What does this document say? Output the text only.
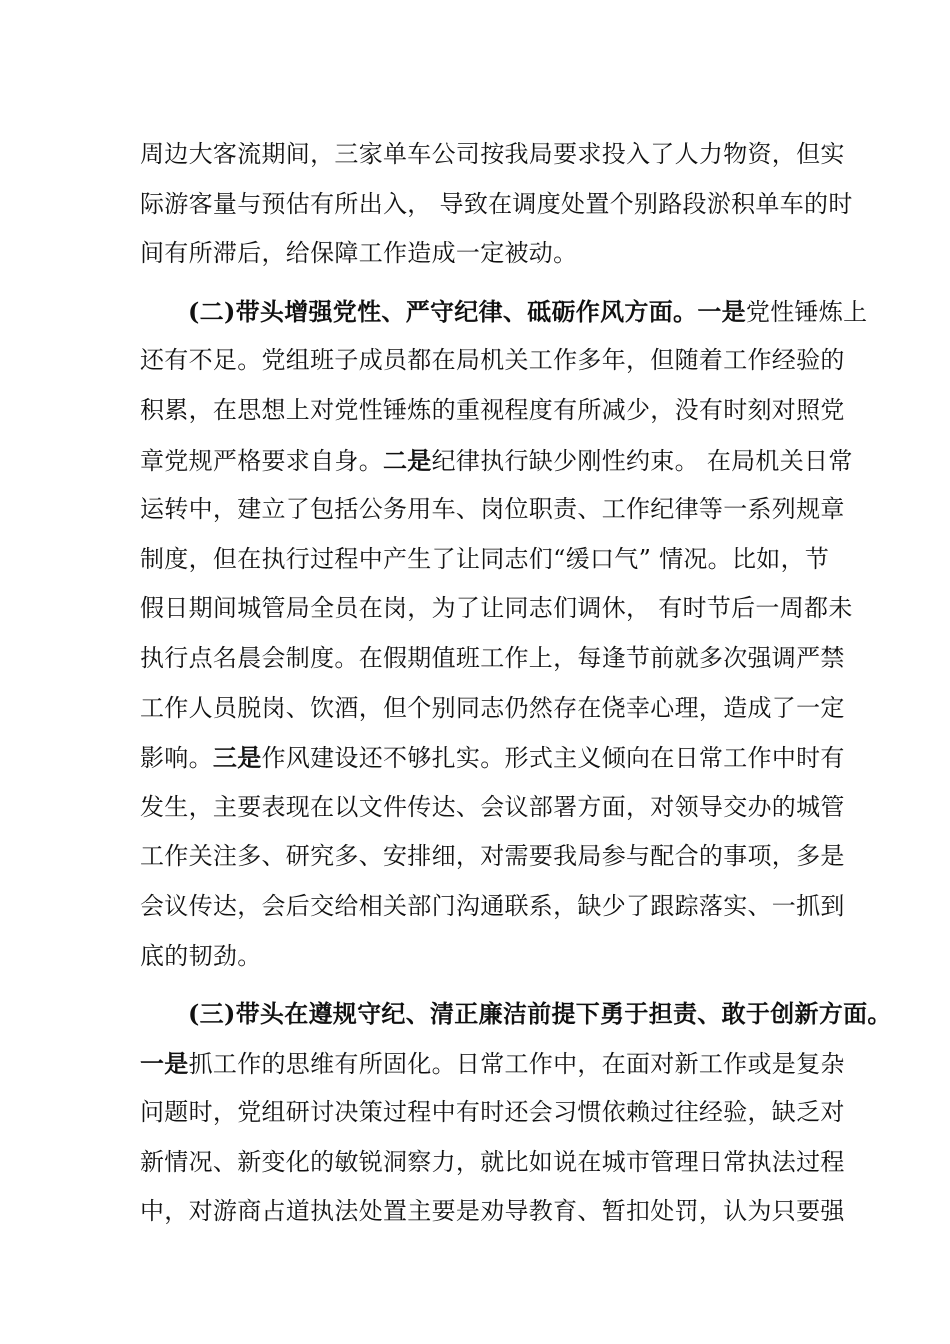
周边大客流期间，三家单车公司按我局要求投入了人力物资，但实
际游客量与预估有所出入， 导致在调度处置个别路段淤积单车的时
间有所滞后，给保障工作造成一定被动。
(二)带头增强党性、严守纪律、砥砺作风方面。一是党性锤炼上
还有不足。党组班子成员都在局机关工作多年，但随着工作经验的
积累，在思想上对党性锤炼的重视程度有所减少，没有时刻对照党
章党规严格要求自身。二是纪律执行缺少刚性约束。 在局机关日常
运转中，建立了包括公务用车、岗位职责、工作纪律等一系列规章
制度，但在执行过程中产生了让同志们“缓口气” 情况。比如，节
假日期间城管局全员在岗，为了让同志们调休， 有时节后一周都未
执行点名晨会制度。在假期值班工作上，每逢节前就多次强调严禁
工作人员脱岗、饮酒，但个别同志仍然存在侥幸心理，造成了一定
影响。三是作风建设还不够扎实。形式主义倾向在日常工作中时有
发生，主要表现在以文件传达、会议部署方面，对领导交办的城管
工作关注多、研究多、安排细，对需要我局参与配合的事项，多是
会议传达，会后交给相关部门沟通联系，缺少了跟踪落实、一抓到
底的韧劲。
(三)带头在遵规守纪、清正廉洁前提下勇于担责、敢于创新方面。
一是抓工作的思维有所固化。日常工作中，在面对新工作或是复杂
问题时，党组研讨决策过程中有时还会习惯依赖过往经验，缺乏对
新情况、新变化的敏锐洞察力，就比如说在城市管理日常执法过程
中，对游商占道执法处置主要是劝导教育、暂扣处罚，认为只要强
